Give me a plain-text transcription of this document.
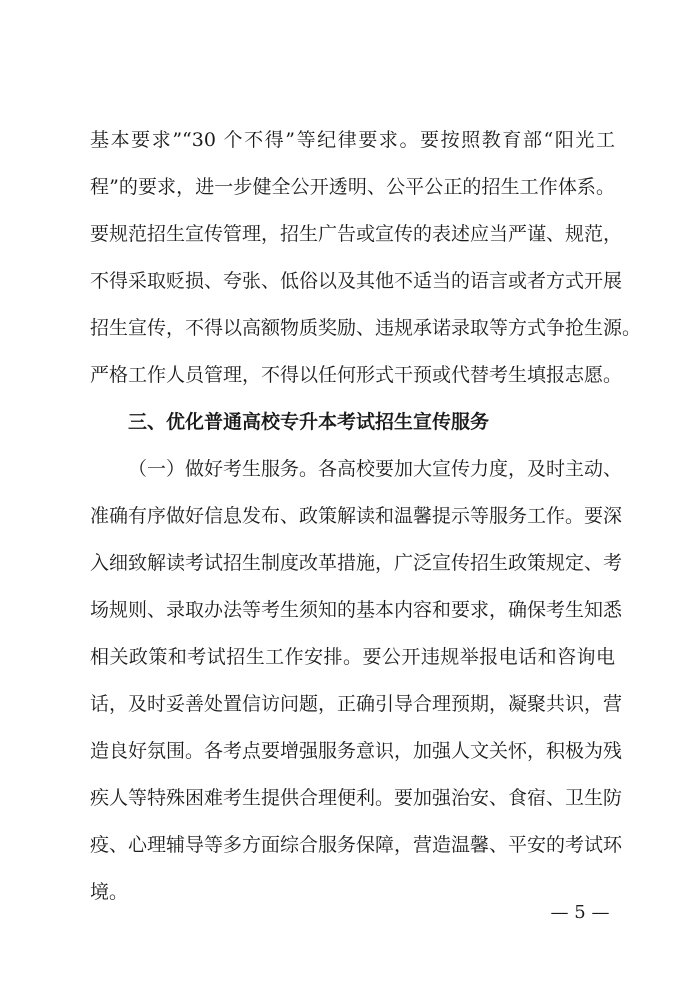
基本要求”“30 个不得”等纪律要求。要按照教育部“阳光工
程”的要求，进一步健全公开透明、公平公正的招生工作体系。
要规范招生宣传管理，招生广告或宣传的表述应当严谨、规范，
不得采取贬损、夸张、低俗以及其他不适当的语言或者方式开展
招生宣传，不得以高额物质奖励、违规承诺录取等方式争抢生源。
严格工作人员管理，不得以任何形式干预或代替考生填报志愿。
三、优化普通高校专升本考试招生宣传服务
（一）做好考生服务。各高校要加大宣传力度，及时主动、
准确有序做好信息发布、政策解读和温馨提示等服务工作。要深
入细致解读考试招生制度改革措施，广泛宣传招生政策规定、考
场规则、录取办法等考生须知的基本内容和要求，确保考生知悉
相关政策和考试招生工作安排。要公开违规举报电话和咨询电
话，及时妥善处置信访问题，正确引导合理预期，凝聚共识，营
造良好氛围。各考点要增强服务意识，加强人文关怀，积极为残
疾人等特殊困难考生提供合理便利。要加强治安、食宿、卫生防
疫、心理辅导等多方面综合服务保障，营造温馨、平安的考试环
境。
— 5 —
